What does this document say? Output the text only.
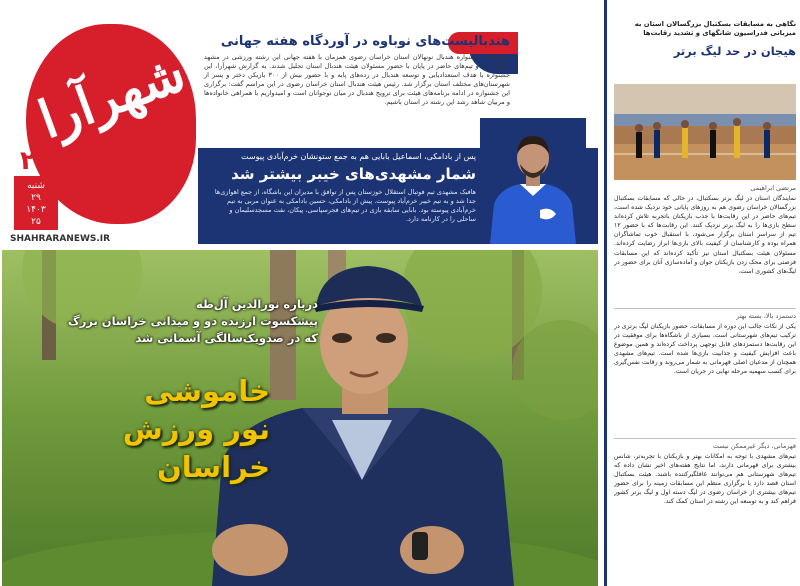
شهرآرا
۲۱۰۵
شنبه
۲۹
۱۴۰۳
۲۵
SHAHRARANEWS.IR
هندبالیست‌های نوباوه در آوردگاه هفته جهانی
رقابت‌های جشنواره هندبال نونهالان استان خراسان رضوی همزمان با هفته جهانی این رشته ورزشی در مشهد برگزار شد و تیم‌های حاضر در پایان با حضور مسئولان هیئت هندبال استان تجلیل شدند. به گزارش شهرآرا، این جشنواره با هدف استعدادیابی و توسعه هندبال در رده‌های پایه و با حضور بیش از ۳۰۰ بازیکن دختر و پسر از شهرستان‌های مختلف استان برگزار شد. رئیس هیئت هندبال استان خراسان رضوی در این مراسم گفت: برگزاری این جشنواره در ادامه برنامه‌های هیئت برای ترویج هندبال در میان نوجوانان است و امیدواریم با همراهی خانواده‌ها و مربیان شاهد رشد این رشته در استان باشیم.
پس از بادامکی، اسماعیل بابایی هم به جمع ستونشان خرم‌آبادی پیوست
شمار مشهدی‌های خیبر بیشتر شد
هافبک مشهدی تیم فوتبال استقلال خوزستان پس از توافق با مدیران این باشگاه، از جمع اهوازی‌ها جدا شد و به تیم خیبر خرم‌آباد پیوست. پیش از بادامکی، حسین بادامکی به عنوان مربی به تیم خرم‌آبادی پیوسته بود. بابایی سابقه بازی در تیم‌های فجرسپاسی، پیکان، نفت مسجدسلیمان و ساحلی را در کارنامه دارد.
درباره نورالدین آل‌طه
پیشکسوت ارزنده دو و میدانی خراسان بزرگ
که در صدویک‌سالگی آسمانی شد
خاموشی
نور ورزش خراسان
نگاهی به مسابقات بسکتبال بزرگسالان استان به میزبانی فدراسیون شانگهای و تشدید رقابت‌ها
هیجان در حد لیگ برتر
مرتضی ابراهیمی
نمایندگان استان در لیگ برتر بسکتبال، در حالی که مسابقات بسکتبال بزرگسالان خراسان رضوی هم به روزهای پایانی خود نزدیک شده است، تیم‌های حاضر در این رقابت‌ها با جذب بازیکنان باتجربه تلاش کرده‌اند سطح بازی‌ها را به لیگ برتر نزدیک کنند. این رقابت‌ها که با حضور ۱۲ تیم از سراسر استان برگزار می‌شود، با استقبال خوب تماشاگران همراه بوده و کارشناسان از کیفیت بالای بازی‌ها ابراز رضایت کرده‌اند. مسئولان هیئت بسکتبال استان نیز تأکید کرده‌اند که این مسابقات فرصتی برای محک زدن بازیکنان جوان و آماده‌سازی آنان برای حضور در لیگ‌های کشوری است.
دستمزد بالا، بسته بهتر
یکی از نکات جالب این دوره از مسابقات، حضور بازیکنان لیگ برتری در ترکیب تیم‌های شهرستانی است. بسیاری از باشگاه‌ها برای موفقیت در این رقابت‌ها دستمزدهای قابل توجهی پرداخت کرده‌اند و همین موضوع باعث افزایش کیفیت و جذابیت بازی‌ها شده است. تیم‌های مشهدی همچنان از مدعیان اصلی قهرمانی به شمار می‌روند و رقابت نفس‌گیری برای کسب سهمیه مرحله نهایی در جریان است.
قهرمانی، دیگر غیرممکن نیست
تیم‌های مشهدی با توجه به امکانات بهتر و بازیکنان با تجربه‌تر، شانس بیشتری برای قهرمانی دارند، اما نتایج هفته‌های اخیر نشان داده که تیم‌های شهرستانی هم می‌توانند غافلگیرکننده باشند. هیئت بسکتبال استان قصد دارد با برگزاری منظم این مسابقات زمینه را برای حضور تیم‌های بیشتری از خراسان رضوی در لیگ دسته اول و لیگ برتر کشور فراهم کند و به توسعه این رشته در استان کمک کند.
